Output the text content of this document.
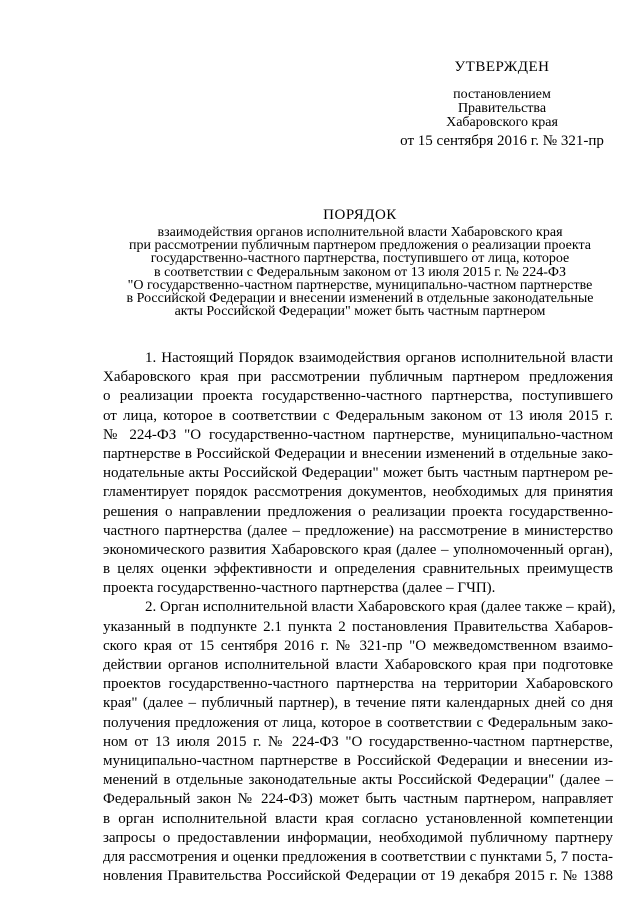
УТВЕРЖДЕН
постановлением
Правительства
Хабаровского края
от 15 сентября 2016 г. № 321-пр
ПОРЯДОК
взаимодействия органов исполнительной власти Хабаровского края
при рассмотрении публичным партнером предложения о реализации проекта
государственно-частного партнерства, поступившего от лица, которое
в соответствии с Федеральным законом от 13 июля 2015 г. № 224-ФЗ
"О государственно-частном партнерстве, муниципально-частном партнерстве
в Российской Федерации и внесении изменений в отдельные законодательные
акты Российской Федерации" может быть частным партнером
1. Настоящий Порядок взаимодействия органов исполнительной власти
Хабаровского края при рассмотрении публичным партнером предложения
о реализации проекта государственно-частного партнерства, поступившего
от лица, которое в соответствии с Федеральным законом от 13 июля 2015 г.
№ 224-ФЗ "О государственно-частном партнерстве, муниципально-частном
партнерстве в Российской Федерации и внесении изменений в отдельные зако-
нодательные акты Российской Федерации" может быть частным партнером ре-
гламентирует порядок рассмотрения документов, необходимых для принятия
решения о направлении предложения о реализации проекта государственно-
частного партнерства (далее – предложение) на рассмотрение в министерство
экономического развития Хабаровского края (далее – уполномоченный орган),
в целях оценки эффективности и определения сравнительных преимуществ
проекта государственно-частного партнерства (далее – ГЧП).
2. Орган исполнительной власти Хабаровского края (далее также – край),
указанный в подпункте 2.1 пункта 2 постановления Правительства Хабаров-
ского края от 15 сентября 2016 г. № 321-пр "О межведомственном взаимо-
действии органов исполнительной власти Хабаровского края при подготовке
проектов государственно-частного партнерства на территории Хабаровского
края" (далее – публичный партнер), в течение пяти календарных дней со дня
получения предложения от лица, которое в соответствии с Федеральным зако-
ном от 13 июля 2015 г. № 224-ФЗ "О государственно-частном партнерстве,
муниципально-частном партнерстве в Российской Федерации и внесении из-
менений в отдельные законодательные акты Российской Федерации" (далее –
Федеральный закон № 224-ФЗ) может быть частным партнером, направляет
в орган исполнительной власти края согласно установленной компетенции
запросы о предоставлении информации, необходимой публичному партнеру
для рассмотрения и оценки предложения в соответствии с пунктами 5, 7 поста-
новления Правительства Российской Федерации от 19 декабря 2015 г. № 1388
